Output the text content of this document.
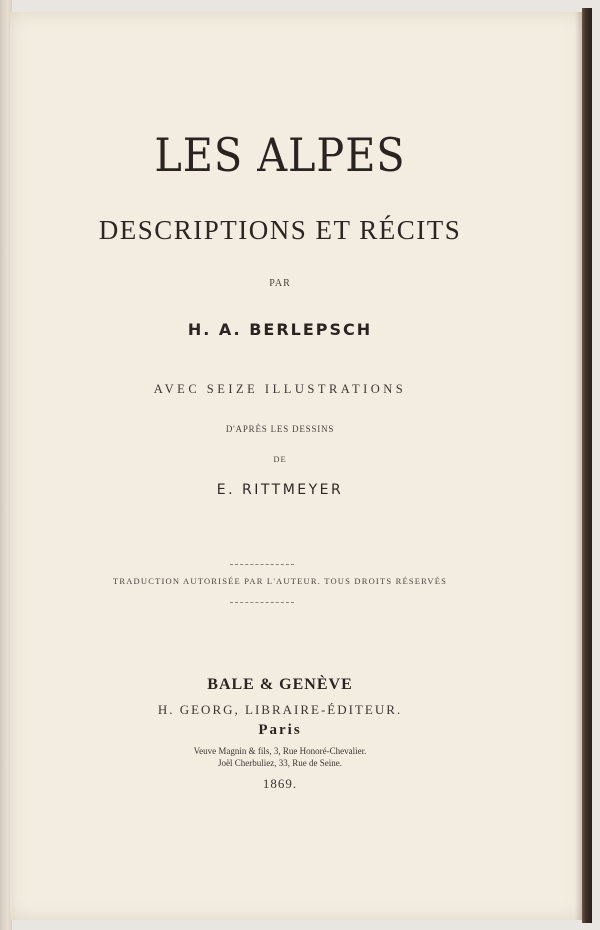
LES ALPES
DESCRIPTIONS ET RÉCITS
PAR
H. A. BERLEPSCH
AVEC SEIZE ILLUSTRATIONS
D'APRÈS LES DESSINS
DE
E. RITTMEYER
TRADUCTION AUTORISÉE PAR L'AUTEUR. TOUS DROITS RÉSERVÉS
BALE & GENÈVE
H. GEORG, LIBRAIRE-ÉDITEUR.
Paris
Veuve Magnin & fils, 3, Rue Honoré-Chevalier.
Joël Cherbuliez, 33, Rue de Seine.
1869.
